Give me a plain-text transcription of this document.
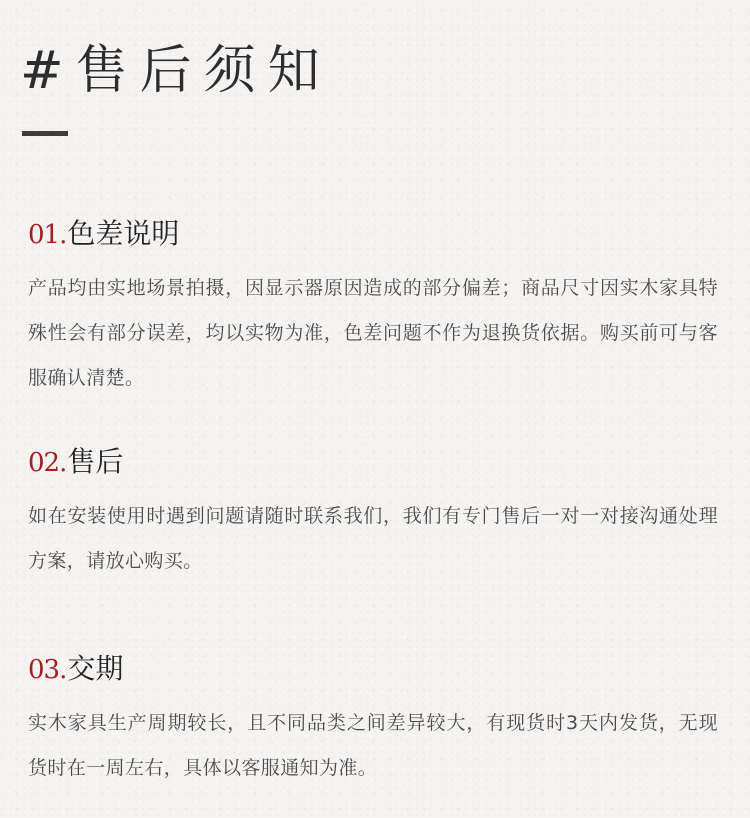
#售后须知
01. 色差说明
产品均由实地场景拍摄，因显示器原因造成的部分偏差；商品尺寸因实木家具特殊性会有部分误差，均以实物为准，色差问题不作为退换货依据。购买前可与客服确认清楚。
02. 售后
如在安装使用时遇到问题请随时联系我们，我们有专门售后一对一对接沟通处理方案，请放心购买。
03. 交期
实木家具生产周期较长，且不同品类之间差异较大，有现货时3天内发货，无现货时在一周左右，具体以客服通知为准。
